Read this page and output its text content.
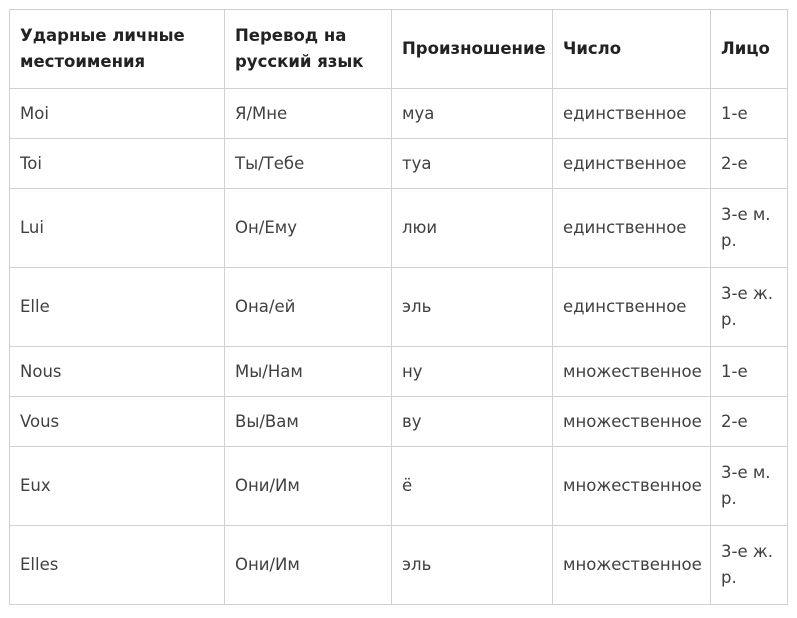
Ударные личные местоимения	Перевод на русский язык	Произношение	Число	Лицо
Moi	Я/Мне	муа	единственное	1-е
Toi	Ты/Тебе	туа	единственное	2-е
Lui	Он/Ему	люи	единственное	3-е м. р.
Elle	Она/ей	эль	единственное	3-е ж. р.
Nous	Мы/Нам	ну	множественное	1-е
Vous	Вы/Вам	ву	множественное	2-е
Eux	Они/Им	ё	множественное	3-е м. р.
Elles	Они/Им	эль	множественное	3-е ж. р.
